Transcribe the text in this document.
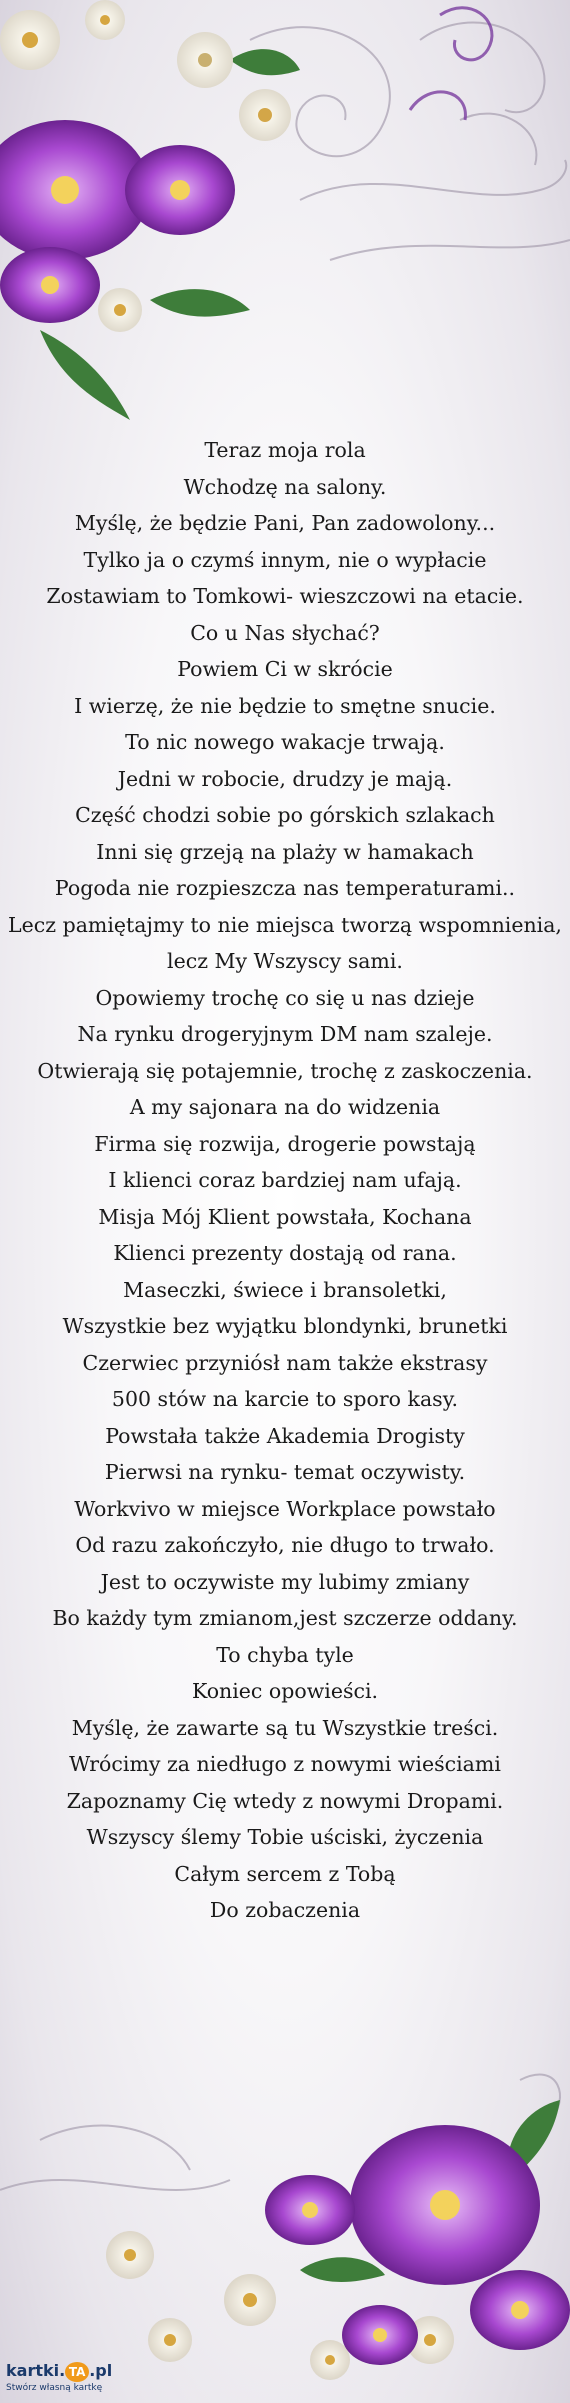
Teraz moja rola
Wchodzę na salony.
Myślę, że będzie Pani, Pan zadowolony...
Tylko ja o czymś innym, nie o wypłacie
Zostawiam to Tomkowi- wieszczowi na etacie.
Co u Nas słychać?
Powiem Ci w skrócie
I wierzę, że nie będzie to smętne snucie.
To nic nowego wakacje trwają.
Jedni w robocie, drudzy je mają.
Część chodzi sobie po górskich szlakach
Inni się grzeją na plaży w hamakach
Pogoda nie rozpieszcza nas temperaturami..
Lecz pamiętajmy to nie miejsca tworzą wspomnienia,
lecz My Wszyscy sami.
Opowiemy trochę co się u nas dzieje
Na rynku drogeryjnym DM nam szaleje.
Otwierają się potajemnie, trochę z zaskoczenia.
A my sajonara na do widzenia
Firma się rozwija, drogerie powstają
I klienci coraz bardziej nam ufają.
Misja Mój Klient powstała, Kochana
Klienci prezenty dostają od rana.
Maseczki, świece i bransoletki,
Wszystkie bez wyjątku blondynki, brunetki
Czerwiec przyniósł nam także ekstrasy
500 stów na karcie to sporo kasy.
Powstała także Akademia Drogisty
Pierwsi na rynku- temat oczywisty.
Workvivo w miejsce Workplace powstało
Od razu zakończyło, nie długo to trwało.
Jest to oczywiste my lubimy zmiany
Bo każdy tym zmianom,jest szczerze oddany.
To chyba tyle
Koniec opowieści.
Myślę, że zawarte są tu Wszystkie treści.
Wrócimy za niedługo z nowymi wieściami
Zapoznamy Cię wtedy z nowymi Dropami.
Wszyscy ślemy Tobie uściski, życzenia
Całym sercem z Tobą
Do zobaczenia
kartki. TA .pl
Stwórz własną kartkę
